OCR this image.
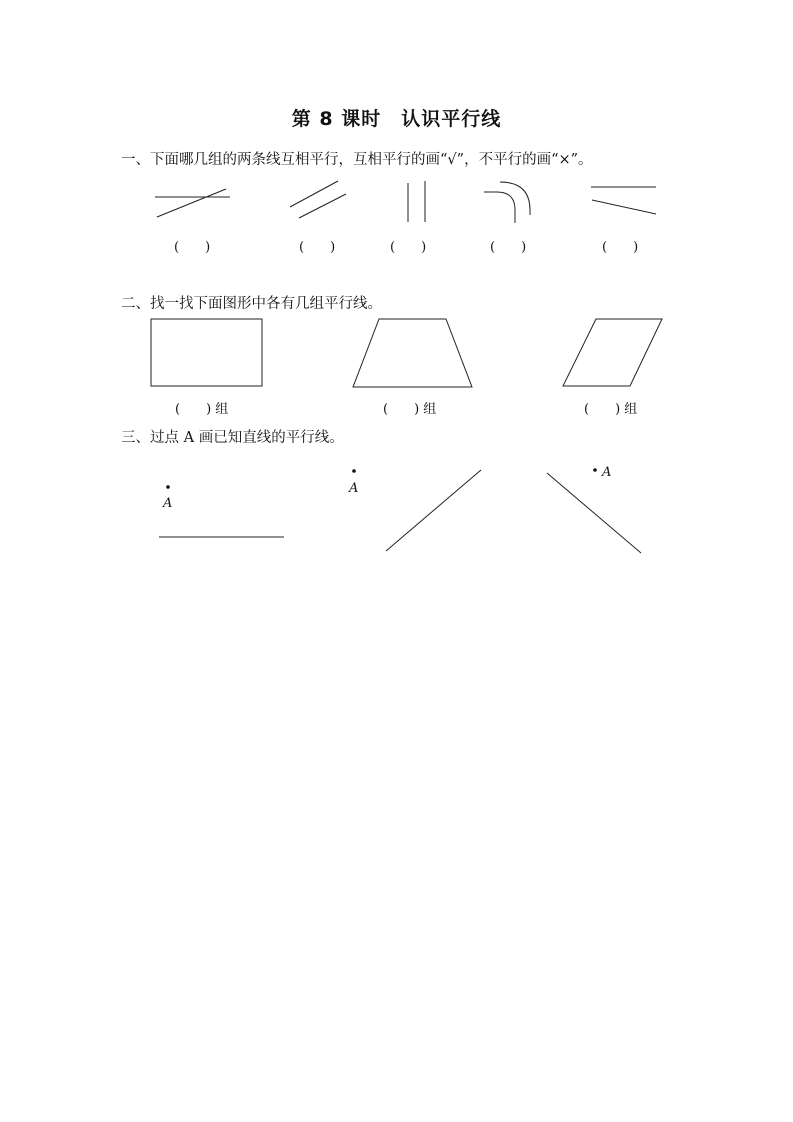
第 8 课时　认识平行线
一、下面哪几组的两条线互相平行，互相平行的画“√”，不平行的画“×”。
A
A
A
(　　)	(　　)	(　　)	(　　)	(　　)
二、找一找下面图形中各有几组平行线。
(　　) 组	(　　) 组	(　　) 组
三、过点 A 画已知直线的平行线。
